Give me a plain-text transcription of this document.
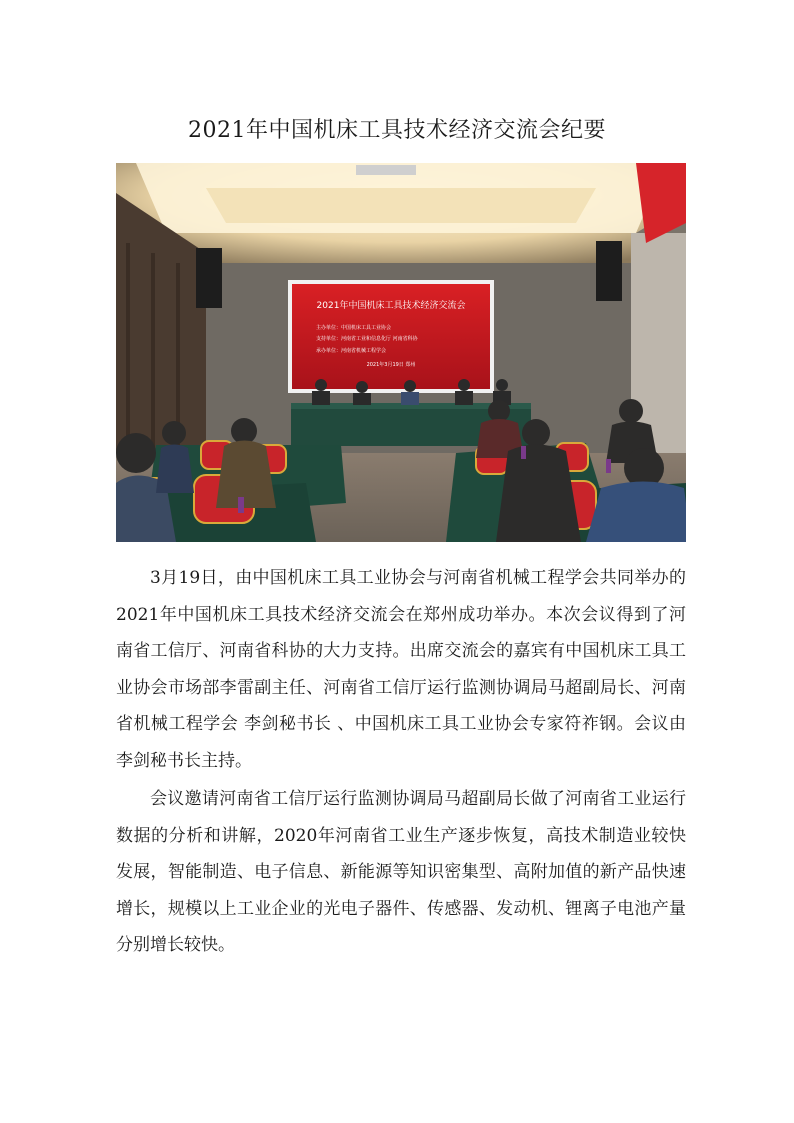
2021年中国机床工具技术经济交流会纪要
2021年中国机床工具技术经济交流会
主办单位：中国机床工具工业协会
支持单位：河南省工业和信息化厅 河南省科协
承办单位：河南省机械工程学会
2021年3月19日 郑州

3月19日，由中国机床工具工业协会与河南省机械工程学会共同举办的2021年中国机床工具技术经济交流会在郑州成功举办。本次会议得到了河南省工信厅、河南省科协的大力支持。出席交流会的嘉宾有中国机床工具工业协会市场部李雷副主任、河南省工信厅运行监测协调局马超副局长、河南省机械工程学会 李剑秘书长 、中国机床工具工业协会专家符祚钢。会议由李剑秘书长主持。

会议邀请河南省工信厅运行监测协调局马超副局长做了河南省工业运行数据的分析和讲解，2020年河南省工业生产逐步恢复，高技术制造业较快发展，智能制造、电子信息、新能源等知识密集型、高附加值的新产品快速增长，规模以上工业企业的光电子器件、传感器、发动机、锂离子电池产量分别增长较快。
